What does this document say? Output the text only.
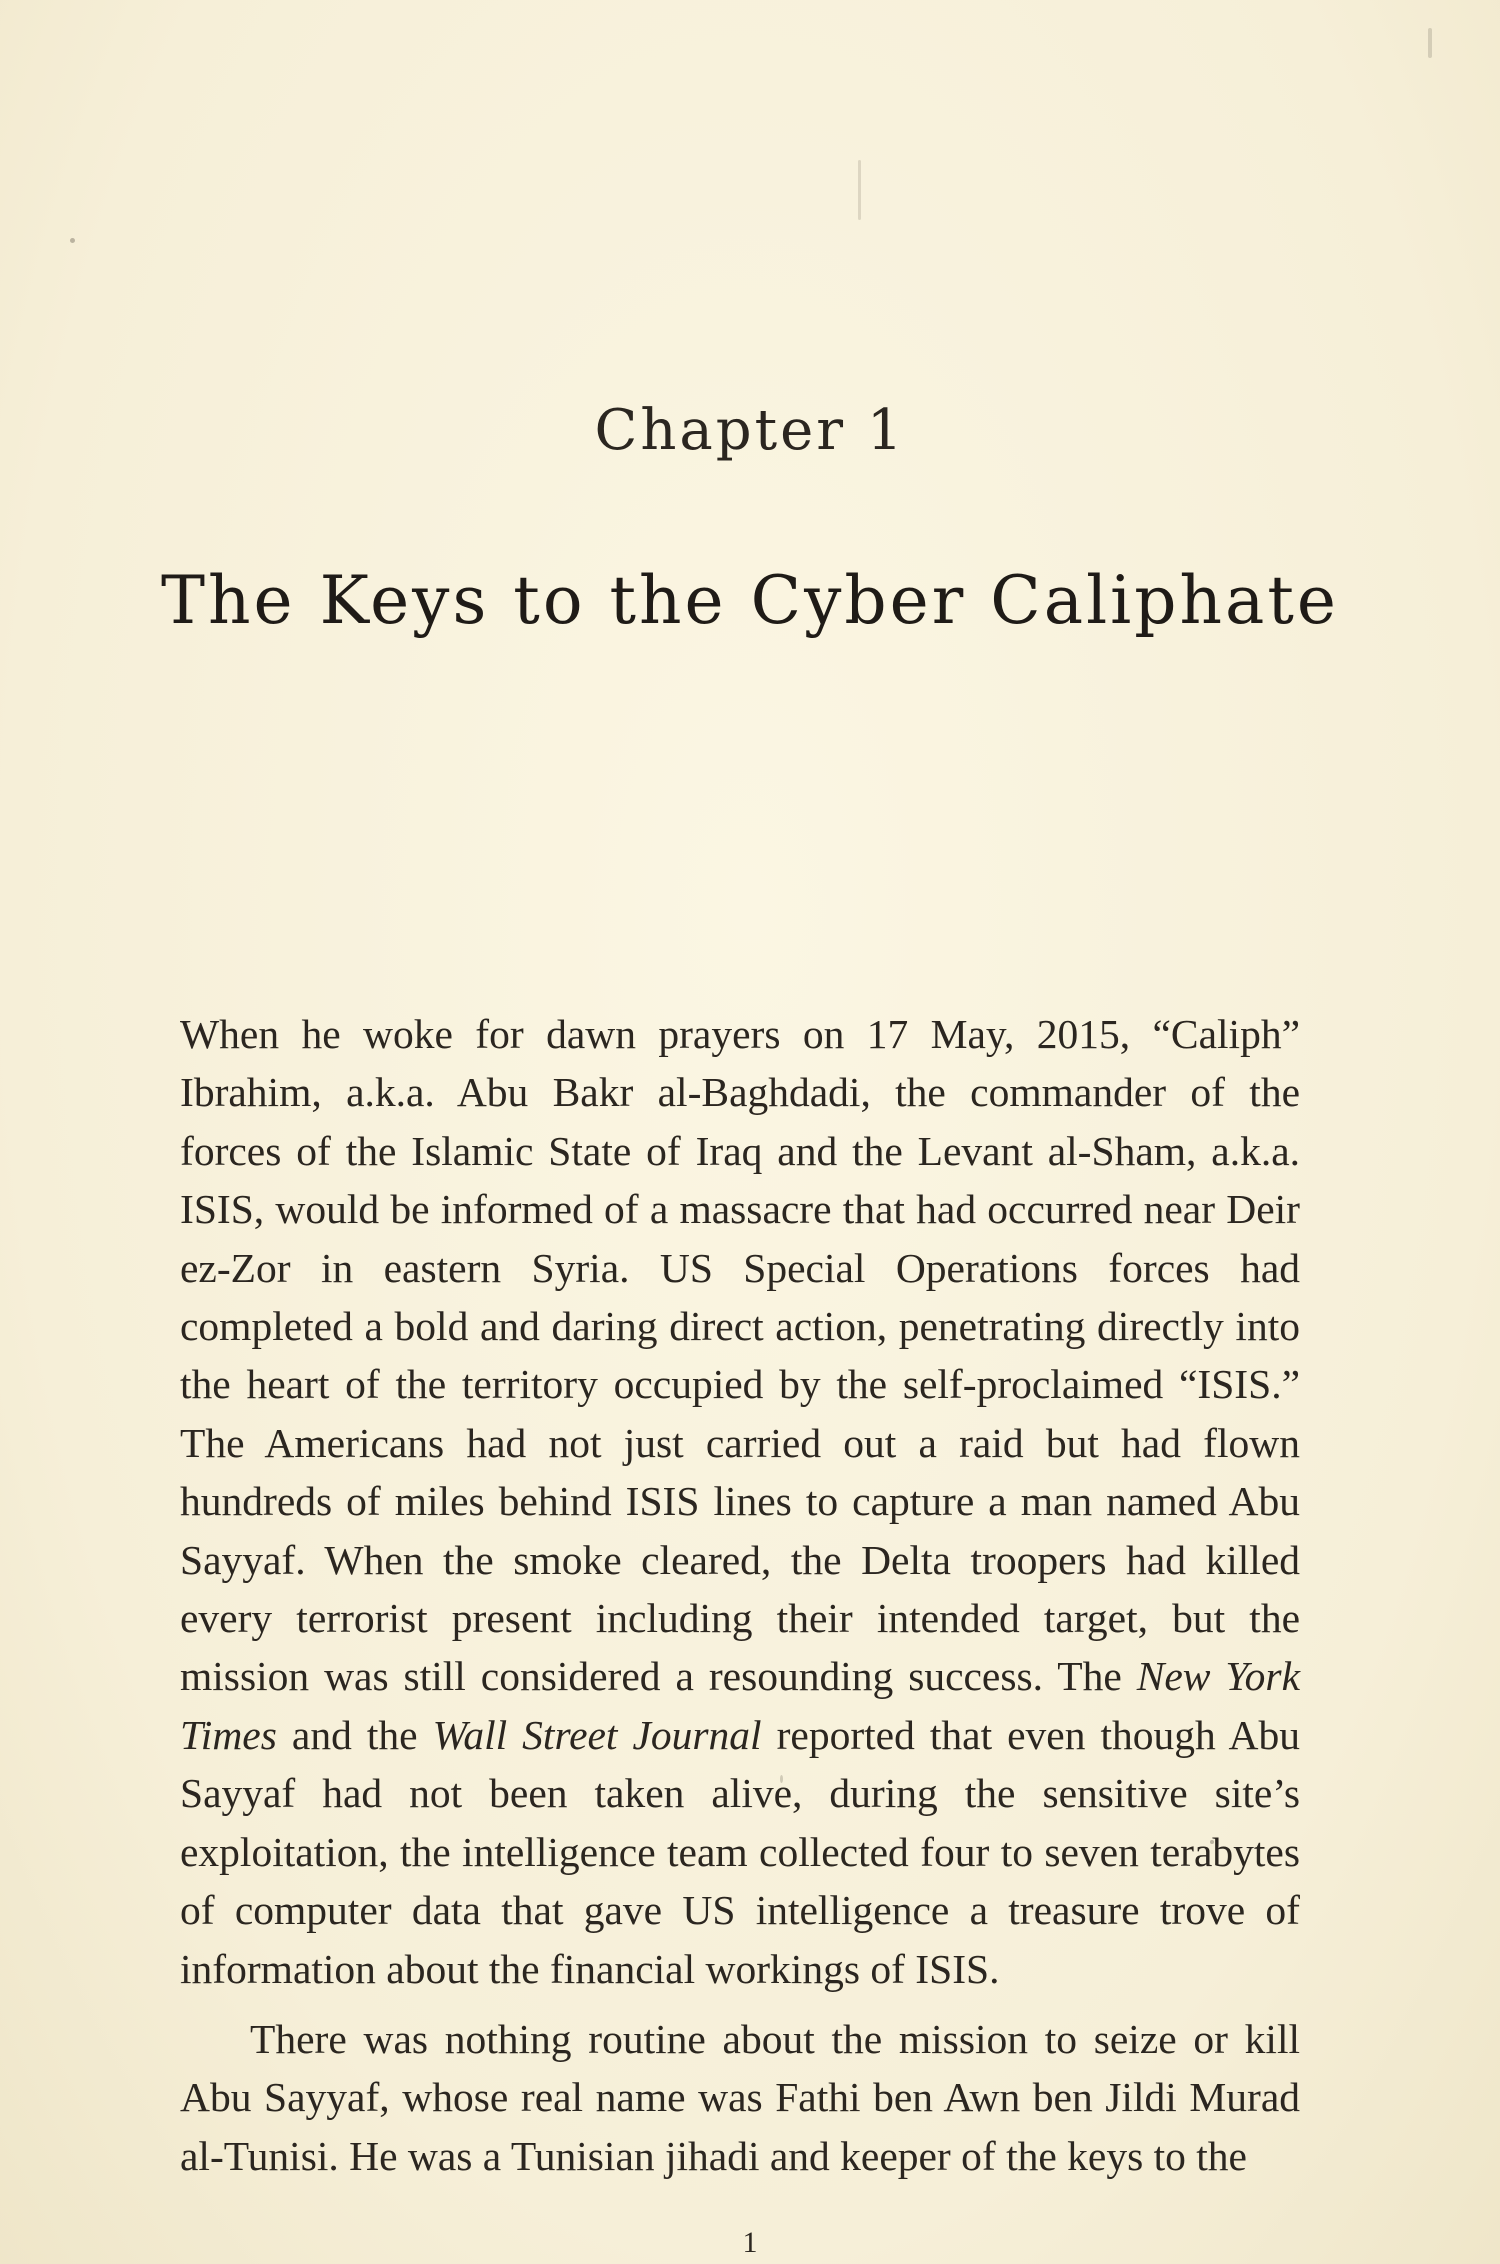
Chapter 1
The Keys to the Cyber Caliphate

When he woke for dawn prayers on 17 May, 2015, “Caliph” Ibrahim, a.k.a. Abu Bakr al-Baghdadi, the commander of the forces of the Islamic State of Iraq and the Levant al-Sham, a.k.a. ISIS, would be informed of a massacre that had occurred near Deir ez-Zor in eastern Syria. US Special Operations forces had completed a bold and daring direct action, penetrating directly into the heart of the territory occupied by the self-proclaimed “ISIS.” The Americans had not just carried out a raid but had flown hundreds of miles behind ISIS lines to capture a man named Abu Sayyaf. When the smoke cleared, the Delta troopers had killed every terrorist present including their intended target, but the mission was still considered a resounding success. The New York Times and the Wall Street Journal reported that even though Abu Sayyaf had not been taken alive, during the sensitive site’s exploitation, the intelligence team collected four to seven terabytes of computer data that gave US intelligence a treasure trove of information about the financial workings of ISIS.

There was nothing routine about the mission to seize or kill Abu Sayyaf, whose real name was Fathi ben Awn ben Jildi Murad al-Tunisi. He was a Tunisian jihadi and keeper of the keys to the

1
